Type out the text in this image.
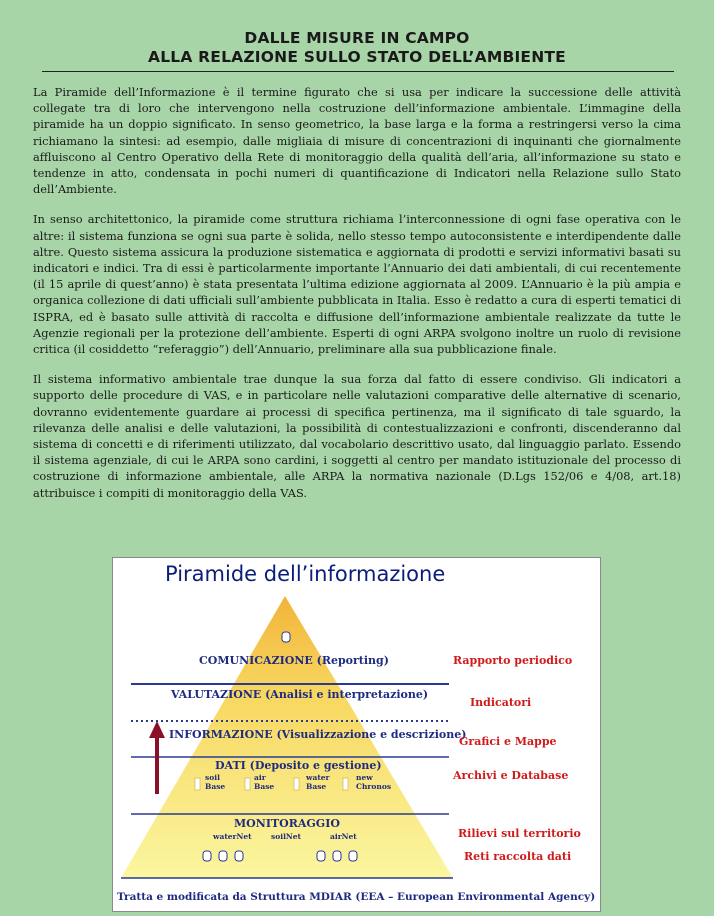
DALLE MISURE IN CAMPO
ALLA RELAZIONE SULLO STATO DELL’AMBIENTE

La Piramide dell’Informazione è il termine figurato che si usa per indicare la successione delle attività collegate tra di loro che intervengono nella costruzione dell’informazione ambientale. L’immagine della piramide ha un doppio significato. In senso geometrico, la base larga e la forma a restringersi verso la cima richiamano la sintesi: ad esempio, dalle migliaia di misure di concentrazioni di inquinanti che giornalmente affluiscono al Centro Operativo della Rete di monitoraggio della qualità dell’aria, all’informazione su stato e tendenze in atto, condensata in pochi numeri di quantificazione di Indicatori nella Relazione sullo Stato dell’Ambiente.

In senso architettonico, la piramide come struttura richiama l’interconnessione di ogni fase operativa con le altre: il sistema funziona se ogni sua parte è solida, nello stesso tempo autoconsistente e interdipendente dalle altre. Questo sistema assicura la produzione sistematica e aggiornata di prodotti e servizi informativi basati su indicatori e indici. Tra di essi è particolarmente importante l’Annuario dei dati ambientali, di cui recentemente (il 15 aprile di quest’anno) è stata presentata l’ultima edizione aggiornata al 2009. L’Annuario è la più ampia e organica collezione di dati ufficiali sull’ambiente pubblicata in Italia. Esso è redatto a cura di esperti tematici di ISPRA, ed è basato sulle attività di raccolta e diffusione dell’informazione ambientale realizzate da tutte le Agenzie regionali per la protezione dell’ambiente. Esperti di ogni ARPA svolgono inoltre un ruolo di revisione critica (il cosiddetto “referaggio”) dell’Annuario, preliminare alla sua pubblicazione finale.

Il sistema informativo ambientale trae dunque la sua forza dal fatto di essere condiviso. Gli indicatori a supporto delle procedure di VAS, e in particolare nelle valutazioni comparative delle alternative di scenario, dovranno evidentemente guardare ai processi di specifica pertinenza, ma il significato di tale sguardo, la rilevanza delle analisi e delle valutazioni, la possibilità di contestualizzazioni e confronti, discenderanno dal sistema di concetti e di riferimenti utilizzato, dal vocabolario descrittivo usato, dal linguaggio parlato. Essendo il sistema agenziale, di cui le ARPA sono cardini, i soggetti al centro per mandato istituzionale del processo di costruzione di informazione ambientale, alle ARPA la normativa nazionale (D.Lgs 152/06 e 4/08, art.18) attribuisce i compiti di monitoraggio della VAS.

Piramide dell’informazione
COMUNICAZIONE (Reporting)
VALUTAZIONE (Analisi e interpretazione)
INFORMAZIONE (Visualizzazione e descrizione)
DATI (Deposito e gestione)
MONITORAGGIO
soil
Base
air
Base
water
Base
new
Chronos
waterNet	soilNet	airNet
Rapporto periodico
Indicatori
Grafici e Mappe
Archivi e Database
Rilievi sul territorio
Reti raccolta dati
Tratta e modificata da Struttura MDIAR (EEA – European Environmental Agency)
